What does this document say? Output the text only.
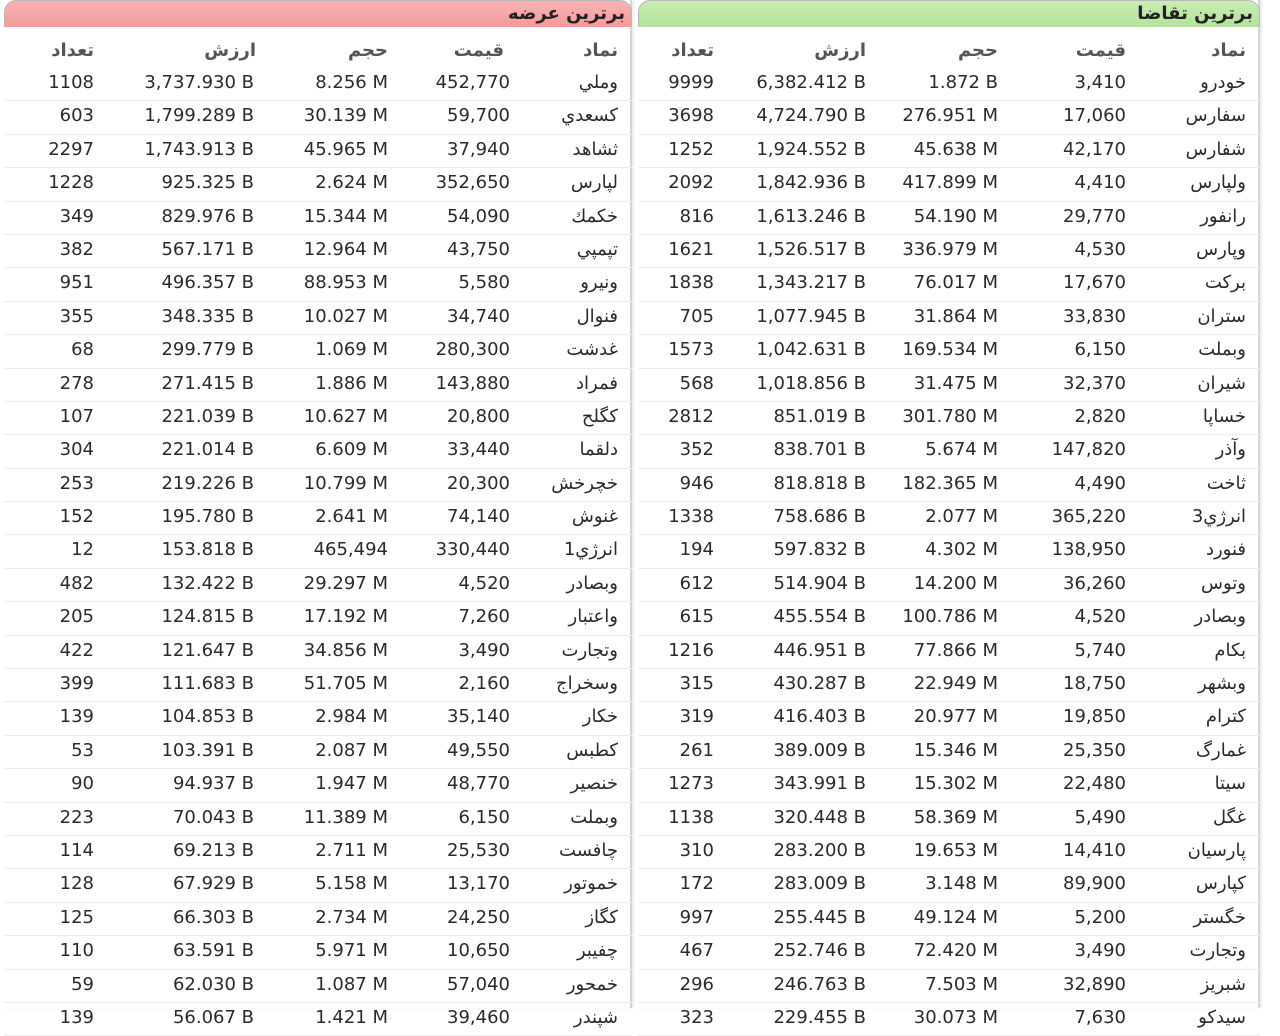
برترین عرضه
نماد
قیمت
حجم
ارزش
تعداد
وملي
452,770
8.256 M
3,737.930 B
1108
كسعدي
59,700
30.139 M
1,799.289 B
603
ثشاهد
37,940
45.965 M
1,743.913 B
2297
لپارس
352,650
2.624 M
925.325 B
1228
خكمك
54,090
15.344 M
829.976 B
349
تپمپي
43,750
12.964 M
567.171 B
382
ونيرو
5,580
88.953 M
496.357 B
951
فنوال
34,740
10.027 M
348.335 B
355
غدشت
280,300
1.069 M
299.779 B
68
فمراد
143,880
1.886 M
271.415 B
278
كگلح
20,800
10.627 M
221.039 B
107
دلقما
33,440
6.609 M
221.014 B
304
خچرخش
20,300
10.799 M
219.226 B
253
غنوش
74,140
2.641 M
195.780 B
152
انرژي1
330,440
465,494
153.818 B
12
وبصادر
4,520
29.297 M
132.422 B
482
واعتبار
7,260
17.192 M
124.815 B
205
وتجارت
3,490
34.856 M
121.647 B
422
وسخراج
2,160
51.705 M
111.683 B
399
خكار
35,140
2.984 M
104.853 B
139
كطبس
49,550
2.087 M
103.391 B
53
خنصير
48,770
1.947 M
94.937 B
90
وبملت
6,150
11.389 M
70.043 B
223
چافست
25,530
2.711 M
69.213 B
114
خموتور
13,170
5.158 M
67.929 B
128
كگاز
24,250
2.734 M
66.303 B
125
چفيبر
10,650
5.971 M
63.591 B
110
خمحور
57,040
1.087 M
62.030 B
59
شپندر
39,460
1.421 M
56.067 B
139
برترین تقاضا
نماد
قیمت
حجم
ارزش
تعداد
خودرو
3,410
1.872 B
6,382.412 B
9999
سفارس
17,060
276.951 M
4,724.790 B
3698
شفارس
42,170
45.638 M
1,924.552 B
1252
ولپارس
4,410
417.899 M
1,842.936 B
2092
رانفور
29,770
54.190 M
1,613.246 B
816
وپارس
4,530
336.979 M
1,526.517 B
1621
بركت
17,670
76.017 M
1,343.217 B
1838
ستران
33,830
31.864 M
1,077.945 B
705
وبملت
6,150
169.534 M
1,042.631 B
1573
شيران
32,370
31.475 M
1,018.856 B
568
خساپا
2,820
301.780 M
851.019 B
2812
وآذر
147,820
5.674 M
838.701 B
352
ثاخت
4,490
182.365 M
818.818 B
946
انرژي3
365,220
2.077 M
758.686 B
1338
فنورد
138,950
4.302 M
597.832 B
194
وتوس
36,260
14.200 M
514.904 B
612
وبصادر
4,520
100.786 M
455.554 B
615
بكام
5,740
77.866 M
446.951 B
1216
وبشهر
18,750
22.949 M
430.287 B
315
كترام
19,850
20.977 M
416.403 B
319
غمارگ
25,350
15.346 M
389.009 B
261
سيتا
22,480
15.302 M
343.991 B
1273
غگل
5,490
58.369 M
320.448 B
1138
پارسيان
14,410
19.653 M
283.200 B
310
كپارس
89,900
3.148 M
283.009 B
172
خگستر
5,200
49.124 M
255.445 B
997
وتجارت
3,490
72.420 M
252.746 B
467
شبريز
32,890
7.503 M
246.763 B
296
سيدكو
7,630
30.073 M
229.455 B
323
